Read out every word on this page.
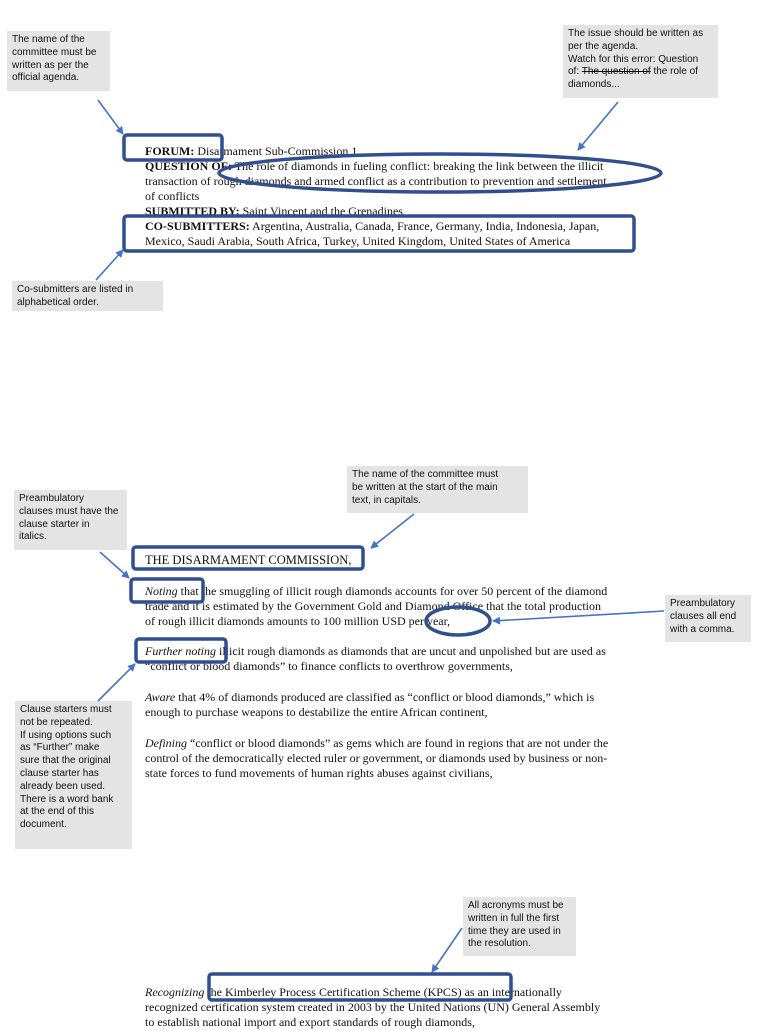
The name of the
committee must be
written as per the
official agenda.
The issue should be written as
per the agenda.
Watch for this error: Question
of: The question of the role of
diamonds...
Co-submitters are listed in
alphabetical order.
The name of the committee must
be written at the start of the main
text, in capitals.
Preambulatory
clauses must have the
clause starter in
italics.
Preambulatory
clauses all end
with a comma.
Clause starters must
not be repeated.
If using options such
as “Further” make
sure that the original
clause starter has
already been used.
There is a word bank
at the end of this
document.
All acronyms must be
written in full the first
time they are used in
the resolution.

FORUM: Disarmament Sub-Commission 1

QUESTION OF: The role of diamonds in fueling conflict: breaking the link between the illicit

transaction of rough diamonds and armed conflict as a contribution to prevention and settlement

of conflicts

SUBMITTED BY: Saint Vincent and the Grenadines

CO-SUBMITTERS: Argentina, Australia, Canada, France, Germany, India, Indonesia, Japan,

Mexico, Saudi Arabia, South Africa, Turkey, United Kingdom, United States of America

THE DISARMAMENT COMMISSION,

Noting that the smuggling of illicit rough diamonds accounts for over 50 percent of the diamond

trade and it is estimated by the Government Gold and Diamond Office that the total production

of rough illicit diamonds amounts to 100 million USD per year,

Further noting illicit rough diamonds as diamonds that are uncut and unpolished but are used as

“conflict or blood diamonds” to finance conflicts to overthrow governments,

Aware that 4% of diamonds produced are classified as “conflict or blood diamonds,” which is

enough to purchase weapons to destabilize the entire African continent,

Defining “conflict or blood diamonds” as gems which are found in regions that are not under the

control of the democratically elected ruler or government, or diamonds used by business or non-

state forces to fund movements of human rights abuses against civilians,

Recognizing the Kimberley Process Certification Scheme (KPCS) as an internationally

recognized certification system created in 2003 by the United Nations (UN) General Assembly

to establish national import and export standards of rough diamonds,
